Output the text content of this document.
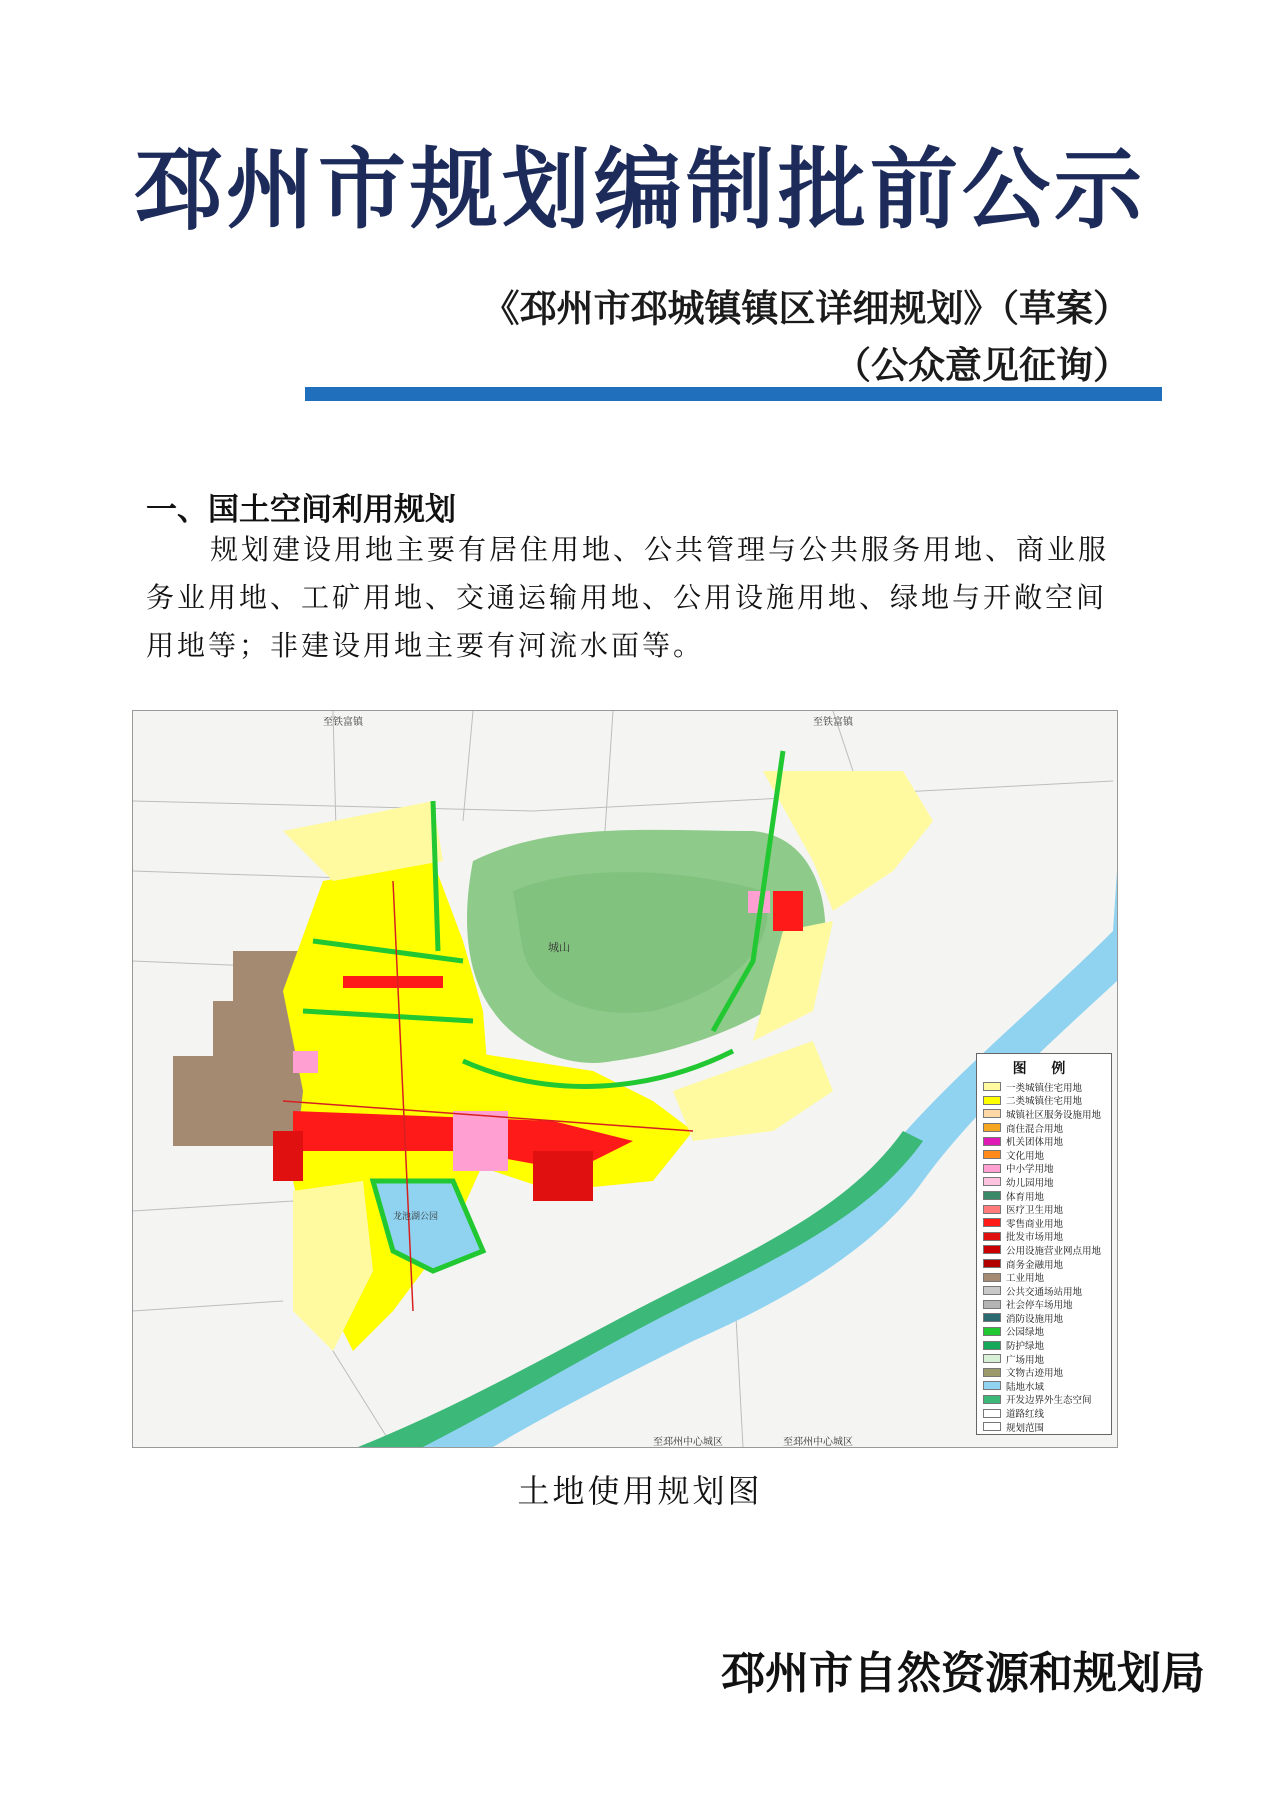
邳州市规划编制批前公示
《邳州市邳城镇镇区详细规划》（草案）
（公众意见征询）
一、国土空间利用规划
规划建设用地主要有居住用地、公共管理与公共服务用地、商业服务业用地、工矿用地、交通运输用地、公用设施用地、绿地与开敞空间用地等；非建设用地主要有河流水面等。
城山
龙池湖公园
至铁富镇	至铁富镇
至邳州中心城区	至邳州中心城区
图 例
一类城镇住宅用地
二类城镇住宅用地
城镇社区服务设施用地
商住混合用地
机关团体用地
文化用地
中小学用地
幼儿园用地
体育用地
医疗卫生用地
零售商业用地
批发市场用地
公用设施营业网点用地
商务金融用地
工业用地
公共交通场站用地
社会停车场用地
消防设施用地
公园绿地
防护绿地
广场用地
文物古迹用地
陆地水域
开发边界外生态空间
道路红线
规划范围
土地使用规划图
邳州市自然资源和规划局
